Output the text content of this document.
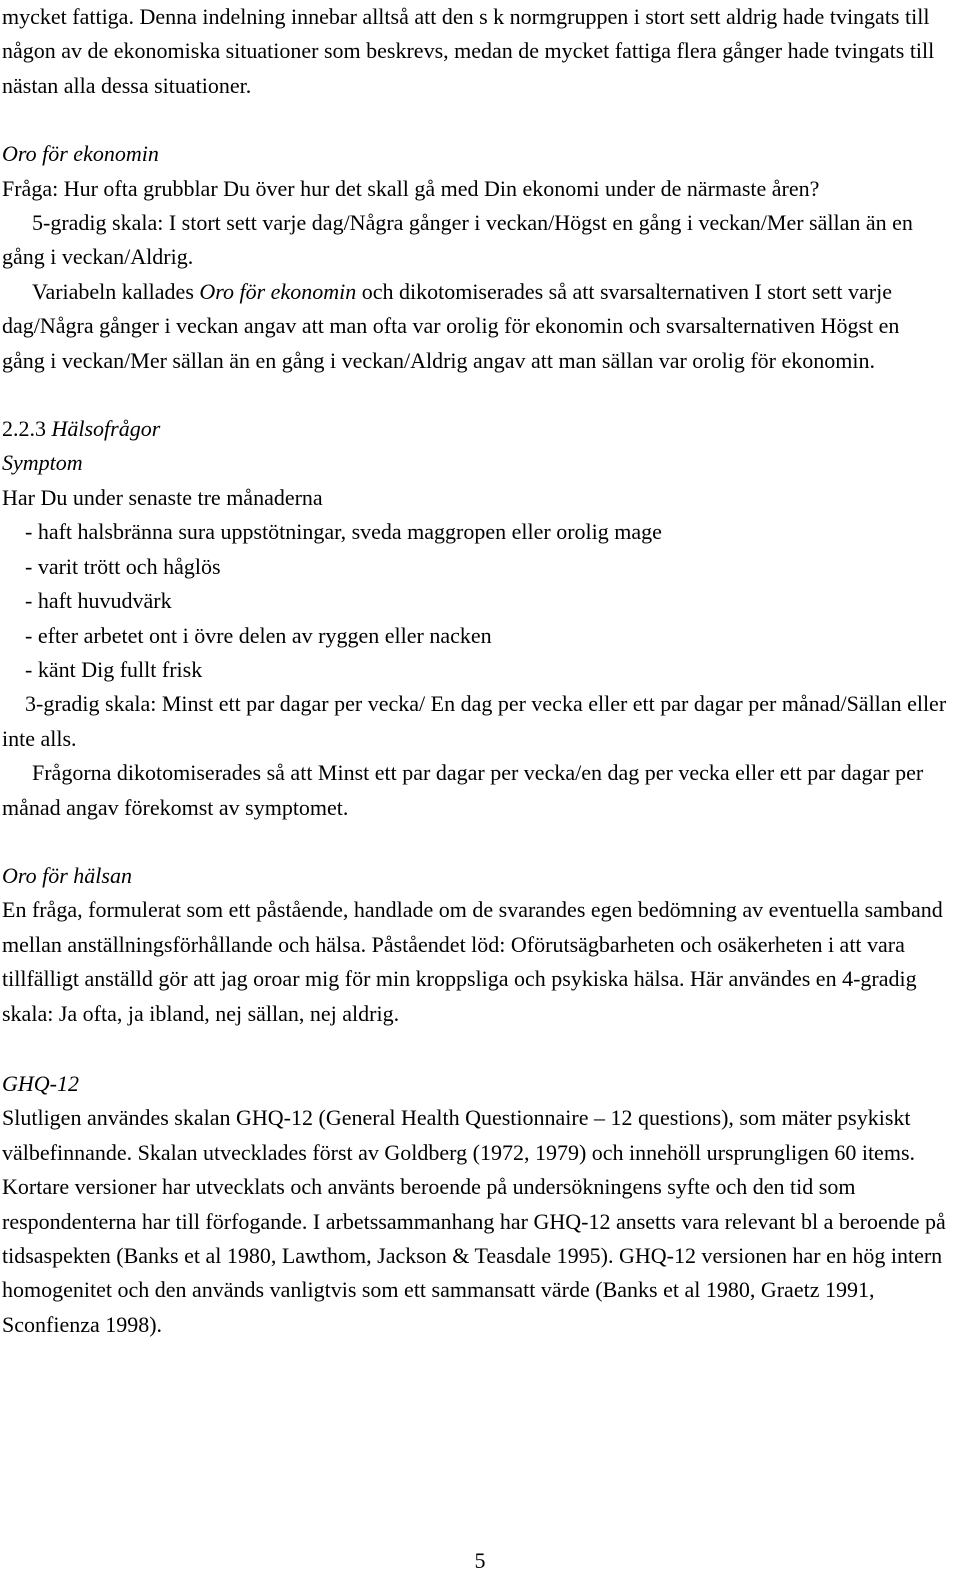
mycket fattiga. Denna indelning innebar alltså att den s k normgruppen i stort sett aldrig hade tvingats till någon av de ekonomiska situationer som beskrevs, medan de mycket fattiga flera gånger hade tvingats till nästan alla dessa situationer.

Oro för ekonomin

Fråga: Hur ofta grubblar Du över hur det skall gå med Din ekonomi under de närmaste åren?

5-gradig skala: I stort sett varje dag/Några gånger i veckan/Högst en gång i veckan/Mer sällan än en gång i veckan/Aldrig.

Variabeln kallades Oro för ekonomin och dikotomiserades så att svarsalternativen I stort sett varje dag/Några gånger i veckan angav att man ofta var orolig för ekonomin och svarsalternativen Högst en gång i veckan/Mer sällan än en gång i veckan/Aldrig angav att man sällan var orolig för ekonomin.

2.2.3 Hälsofrågor

Symptom

Har Du under senaste tre månaderna

- haft halsbränna sura uppstötningar, sveda maggropen eller orolig mage

- varit trött och håglös

- haft huvudvärk

- efter arbetet ont i övre delen av ryggen eller nacken

- känt Dig fullt frisk

3-gradig skala: Minst ett par dagar per vecka/ En dag per vecka eller ett par dagar per månad/Sällan eller inte alls.

Frågorna dikotomiserades så att Minst ett par dagar per vecka/en dag per vecka eller ett par dagar per månad angav förekomst av symptomet.

Oro för hälsan

En fråga, formulerat som ett påstående, handlade om de svarandes egen bedömning av eventuella samband mellan anställningsförhållande och hälsa. Påståendet löd: Oförutsägbarheten och osäkerheten i att vara tillfälligt anställd gör att jag oroar mig för min kroppsliga och psykiska hälsa. Här användes en 4-gradig skala: Ja ofta, ja ibland, nej sällan, nej aldrig.

GHQ-12

Slutligen användes skalan GHQ-12 (General Health Questionnaire – 12 questions), som mäter psykiskt välbefinnande. Skalan utvecklades först av Goldberg (1972, 1979) och innehöll ursprungligen 60 items. Kortare versioner har utvecklats och använts beroende på undersökningens syfte och den tid som respondenterna har till förfogande. I arbetssammanhang har GHQ-12 ansetts vara relevant bl a beroende på tidsaspekten (Banks et al 1980, Lawthom, Jackson & Teasdale 1995). GHQ-12 versionen har en hög intern homogenitet och den används vanligtvis som ett sammansatt värde (Banks et al 1980, Graetz 1991, Sconfienza 1998).

5
